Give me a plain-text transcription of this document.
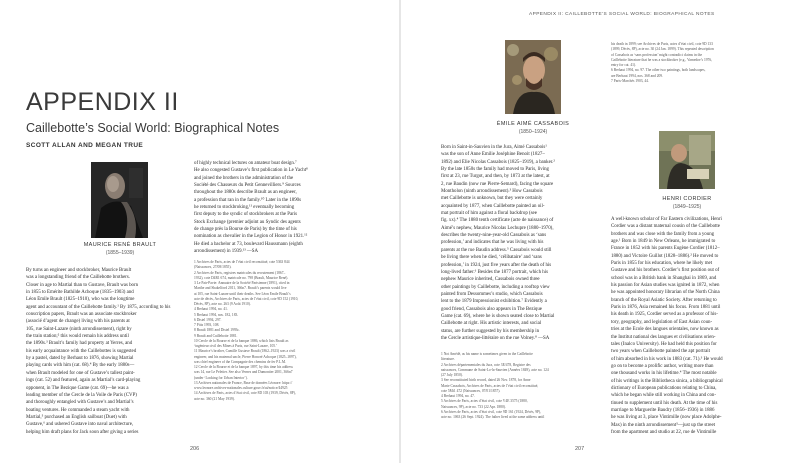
APPENDIX II
Caillebotte’s Social World: Biographical Notes
SCOTT ALLAN AND MEGAN TRUE
MAURICE RENÉ BRAULT
(1855–1939)
By turns an engineer and stockbroker, Maurice Brault
was a longstanding friend of the Caillebotte brothers.
Closer in age to Martial than to Gustave, Brault was born
in 1855 to Émérite Bathilde Achoque (1835–1903) and
Léon Émile Brault (1825–1910), who was the longtime
agent and accountant of the Caillebotte family.¹ By 1875, according to his
conscription papers, Brault was an associate stockbroker
(associé d’agent de change) living with his parents at
105, rue Saint-Lazare (ninth arrondissement), right by
the train station;² this would remain his address until
the 1890s.³ Brault’s family had property at Yerres, and
his early acquaintance with the Caillebottes is suggested
by a pastel, dated by Berhaut to 1876, showing Martial
playing cards with him (cat. 68).⁴ By the early 1880s—
when Brault modeled for one of Gustave’s tallest paint-
ings (cat. 52) and featured, again as Martial’s card-playing
opponent, in The Bezique Game (cat. 69)—he was a
leading member of the Cercle de la Voile de Paris (CVP)
and thoroughly entangled with Gustave’s and Martial’s
boating ventures. He commanded a steam yacht with
Martial,⁵ purchased an English sailboat (Duet) with
Gustave,⁶ and ushered Gustave into naval architecture,
helping him draft plans for Jack soon after giving a series
of highly technical lectures on amateur boat design.⁷
He also congested Gustave’s first publication in Le Yacht⁸
and joined the brothers in the administration of the
Société des Chasseurs du Petit Gennevilliers.⁹ Sources
throughout the 1880s describe Brault as an engineer,
a profession that ran in the family.¹⁰ Later in the 1890s
he returned to stockbroking,¹¹ eventually becoming
first deputy to the syndic of stockbrokers at the Paris
Stock Exchange (premier adjoint au Syndic des agents
de change près la Bourse de Paris) by the time of his
nomination as chevalier in the Legion of Honor in 1921.¹²
He died a bachelor at 73, boulevard Haussmann (eighth
arrondissement) in 1939.¹³ —SA
1 Archives de Paris, actes de l’état civil reconstitué, cote 5363 844
(Naissances, 27/08/1855).
2 Archives de Paris, registres matricules du recrutement (1867–
1932), cote D4R1 674, matricule no. 798 (Brault, Maurice René).
3 Le Pair-Pavie: Annuaire de la Société Parisienne (1891), cited in
Marthe and Shakelford 2011, 366n7. Brault’s parents would live
at 105, rue Saint-Lazare until their deaths. See Léon Émile Brault’s
acte de décès, Archives de Paris, actes de l’état civil, cote 9D 152 (1910,
Décès, 8P), acte no. 263 (9 Août 1910).
4 Berhaut 1994, no. 41.
5 Berhaut 1994, nos. 182, 183.
6 Distel 1994, 297.
7 Pitts 1993, 108.
8 Brault 1881 and Distel 1993c.
9 Brault and Caillebotte 1881.
10 Cercle de la Bourse et de la banque 1886, which lists Brault as
‘ingénieur civil des Mines à Paris, rue Saint-Lazare, 105.’
11 Maurice’s brother, Camille Gustave Brault (1862–1923) was a civil
engineer, and his maternal uncle, Pierre Honoré Achoque (1825–1897),
was chief engineer of the Compagnie des chemins de fer P.L.M.
12 Cercle de la Bourse et de la banque 1897, by this time his address
was 14, rue Le Peletier. See also Vernes and Dumontier 2001, 366n7
(under ‘Looking for Urban Interior’).
13 Archives nationales de France, Base de données Léonore: https://
www.leonore.archives-nationales.culture.gouv.fr/ui/notice/44925
14 Archives de Paris, actes d’état civil, cote 8D 103 (1939, Décès, 8P),
acte no. 360 (21 May 1939).
206
APPENDIX II: CAILLEBOTTE’S SOCIAL WORLD: BIOGRAPHICAL NOTES
ÉMILE AIMÉ CASSABOIS
(1850–1924)
his death in 1899; see Archives de Paris, actes d’état civil, cote 9D 133
(1899, Décès, 8P), acte no. 30 (24 Jan. 1899). This repeated description
of Cassabois as ‘sans profession’ might contradict claims in the
Caillebotte literature that he was a stockbroker (e.g., Varnedoe’s 1976,
entry for cat. 41).
6 Berhaut 1994, no. 97. The other two paintings, both landscapes,
are Berhaut 1994, nos. 368 and 209.
7 Paris-Marchés 1903, 44.
HENRI CORDIER
(1849–1925)
Born in Saint-in-Sauvien in the Jura, Aimé Cassabois¹
was the son of Anne Émilie Joséphine Benoit (1827–
1892) and Élie Nicolas Cassabois (1825–1919), a banker.²
By the late 1850s the family had moved to Paris, living
first at 23, rue Turgot, and then, by 1873 at the latest, at
2, rue Baudin (now rue Pierre-Semard), facing the square
Montholon (ninth arrondissement).³ How Cassabois
met Caillebotte is unknown, but they were certainly
acquainted by 1877, when Caillebotte painted an oil-
mat portrait of him against a floral backdrop (see
fig. xx).⁴ The 1880 tenth certificate (acte de naissance) of
Aimé’s nephew, Maurice Nicolas Lechupre (1880–1970),
describes the twenty-nine-year-old Cassabois as ‘sans
profession,’ and indicates that he was living with his
parents at the rue Baudin address.⁵ Cassabois would still
be living there when he died, ‘célibataire’ and ‘sans
profession,’ in 1924, just five years after the death of his
long-lived father.⁶ Besides the 1877 portrait, which his
nephew Maurice inherited, Cassabois owned three
other paintings by Caillebotte, including a rooftop view
painted from Dessommes’s studio, which Cassabois
lent to the 1879 Impressionist exhibition.⁷ Evidently a
good friend, Cassabois also appears in The Bezique
Game (cat. 69), where he is shown seated close to Martial
Caillebotte at right. His artistic interests, and social
status, are further suggested by his membership in
the Cercle artistique-littéraire on the rue Volney.⁸ —SA
1 Not Amédé, as his name is sometimes given in the Caillebotte
literature.
2 Archives départementales du Jura, cote 3E/478, Registre des
naissances, Commune de Saint-Lo-la-Sauvien (Années 1849), acte no. 124
(27 July 1850).
3 See reconstituted birth record, dated 26 Nov. 1878, for Anne
Marie Cassabois, Archives de Paris, actes de l’état civil reconstitué,
cote 5Mi1 472 (Naissances, 07/01/1857).
4 Berhaut 1994, no. 47.
5 Archives de Paris, actes d’état civil, cote V4E 3575 (1880,
Naissances, 9P), acte no. 733 (22 Apr. 1880).
6 Archives de Paris, actes d’état civil, cote 9D 161 (1924, Décès, 9P),
acte no. 1063 (26 Sept. 1924). The father lived at the same address until
A well-known scholar of Far Eastern civilizations, Henri
Cordier was a distant maternal cousin of the Caillebotte
brothers and was close with the family from a young
age.¹ Born in 1849 in New Orleans, he immigrated to
France in 1852 with his parents Eugène Cordier (1812–
1880) and Victoire Guillot (1828–1886).² He moved to
Paris in 1855 for his education, where he likely met
Gustave and his brothers. Cordier’s first position out of
school was in a British bank in Shanghai in 1869, and
his passion for Asian studies was ignited in 1872, when
he was appointed honorary librarian of the North China
branch of the Royal Asiatic Society. After returning to
Paris in 1876, Asia remained his focus. From 1881 until
his death in 1925, Cordier served as a professor of his-
tory, geography, and legislation of East Asian coun-
tries at the École des langues orientales, now known as
the Institut national des langues et civilisations orien-
tales (Inalco University). He had held this position for
two years when Caillebotte painted the apt portrait
of him absorbed in his work in 1883 (cat. 71).³ He would
go on to become a prolific author, writing more than
one thousand works in his lifetime.⁴ The most notable
of his writings is the Bibliotheca sinica, a bibliographical
dictionary of European publications relating to China,
which he began while still working in China and con-
tinued to supplement until his death. At the time of his
marriage to Marguerite Baudry (1856–1936) in 1886
he was living at 3, place Vintimille (now place Adolphe-
Max) in the ninth arrondissement⁵—just up the street
from the apartment and studio at 22, rue de Vintimille
207
